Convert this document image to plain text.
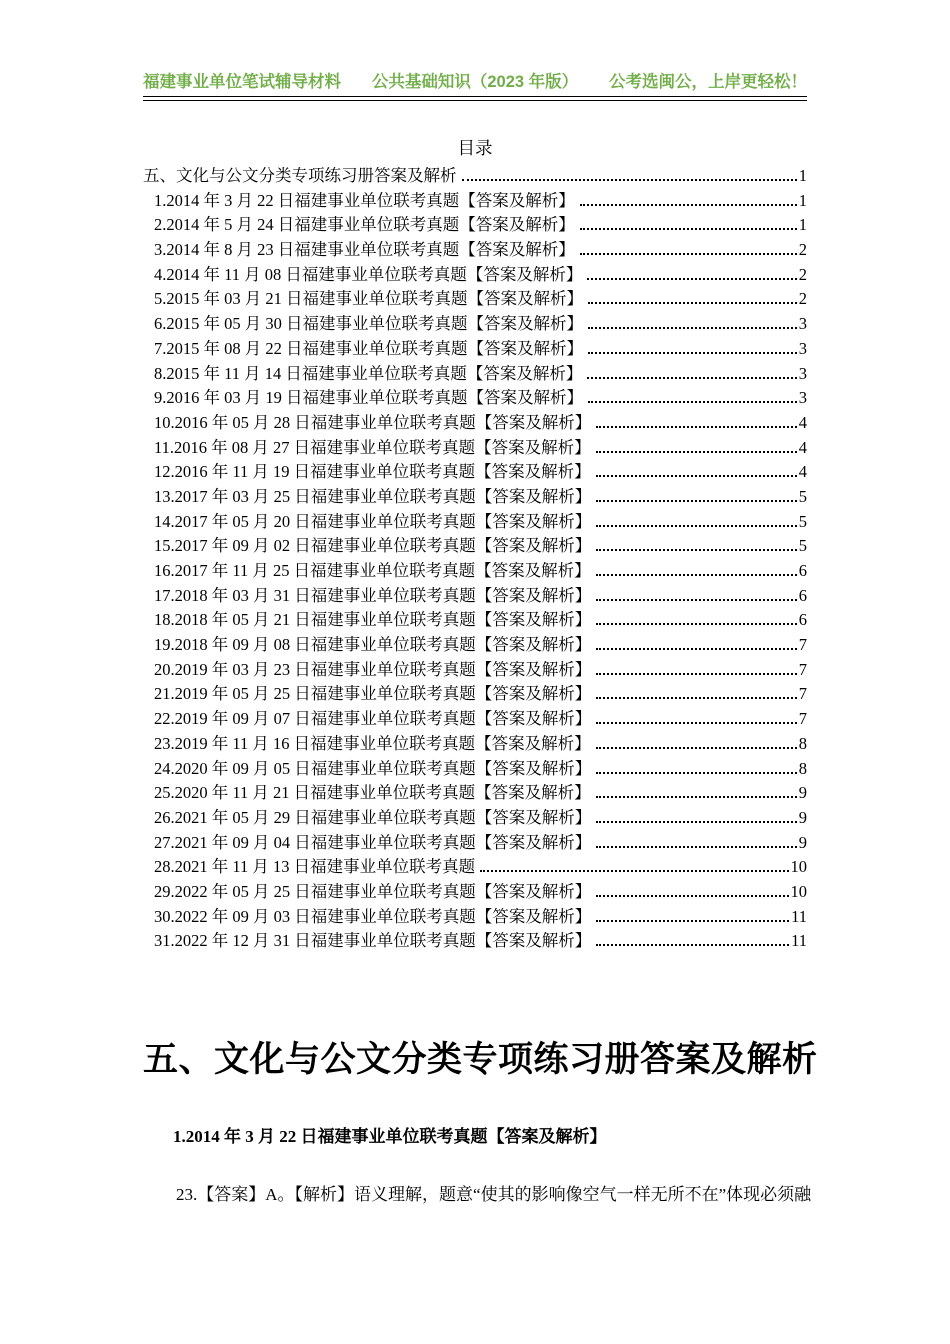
福建事业单位笔试辅导材料 公共基础知识（2023 年版） 公考选闽公，上岸更轻松！
目录
五、文化与公文分类专项练习册答案及解析	1
1.2014 年 3 月 22 日福建事业单位联考真题【答案及解析】	1
2.2014 年 5 月 24 日福建事业单位联考真题【答案及解析】	1
3.2014 年 8 月 23 日福建事业单位联考真题【答案及解析】	2
4.2014 年 11 月 08 日福建事业单位联考真题【答案及解析】	2
5.2015 年 03 月 21 日福建事业单位联考真题【答案及解析】	2
6.2015 年 05 月 30 日福建事业单位联考真题【答案及解析】	3
7.2015 年 08 月 22 日福建事业单位联考真题【答案及解析】	3
8.2015 年 11 月 14 日福建事业单位联考真题【答案及解析】	3
9.2016 年 03 月 19 日福建事业单位联考真题【答案及解析】	3
10.2016 年 05 月 28 日福建事业单位联考真题【答案及解析】	4
11.2016 年 08 月 27 日福建事业单位联考真题【答案及解析】	4
12.2016 年 11 月 19 日福建事业单位联考真题【答案及解析】	4
13.2017 年 03 月 25 日福建事业单位联考真题【答案及解析】	5
14.2017 年 05 月 20 日福建事业单位联考真题【答案及解析】	5
15.2017 年 09 月 02 日福建事业单位联考真题【答案及解析】	5
16.2017 年 11 月 25 日福建事业单位联考真题【答案及解析】	6
17.2018 年 03 月 31 日福建事业单位联考真题【答案及解析】	6
18.2018 年 05 月 21 日福建事业单位联考真题【答案及解析】	6
19.2018 年 09 月 08 日福建事业单位联考真题【答案及解析】	7
20.2019 年 03 月 23 日福建事业单位联考真题【答案及解析】	7
21.2019 年 05 月 25 日福建事业单位联考真题【答案及解析】	7
22.2019 年 09 月 07 日福建事业单位联考真题【答案及解析】	7
23.2019 年 11 月 16 日福建事业单位联考真题【答案及解析】	8
24.2020 年 09 月 05 日福建事业单位联考真题【答案及解析】	8
25.2020 年 11 月 21 日福建事业单位联考真题【答案及解析】	9
26.2021 年 05 月 29 日福建事业单位联考真题【答案及解析】	9
27.2021 年 09 月 04 日福建事业单位联考真题【答案及解析】	9
28.2021 年 11 月 13 日福建事业单位联考真题	10
29.2022 年 05 月 25 日福建事业单位联考真题【答案及解析】	10
30.2022 年 09 月 03 日福建事业单位联考真题【答案及解析】	11
31.2022 年 12 月 31 日福建事业单位联考真题【答案及解析】	11
五、文化与公文分类专项练习册答案及解析
1.2014 年 3 月 22 日福建事业单位联考真题【答案及解析】

23.【答案】A。【解析】语义理解，题意“使其的影响像空气一样无所不在”体现必须融
